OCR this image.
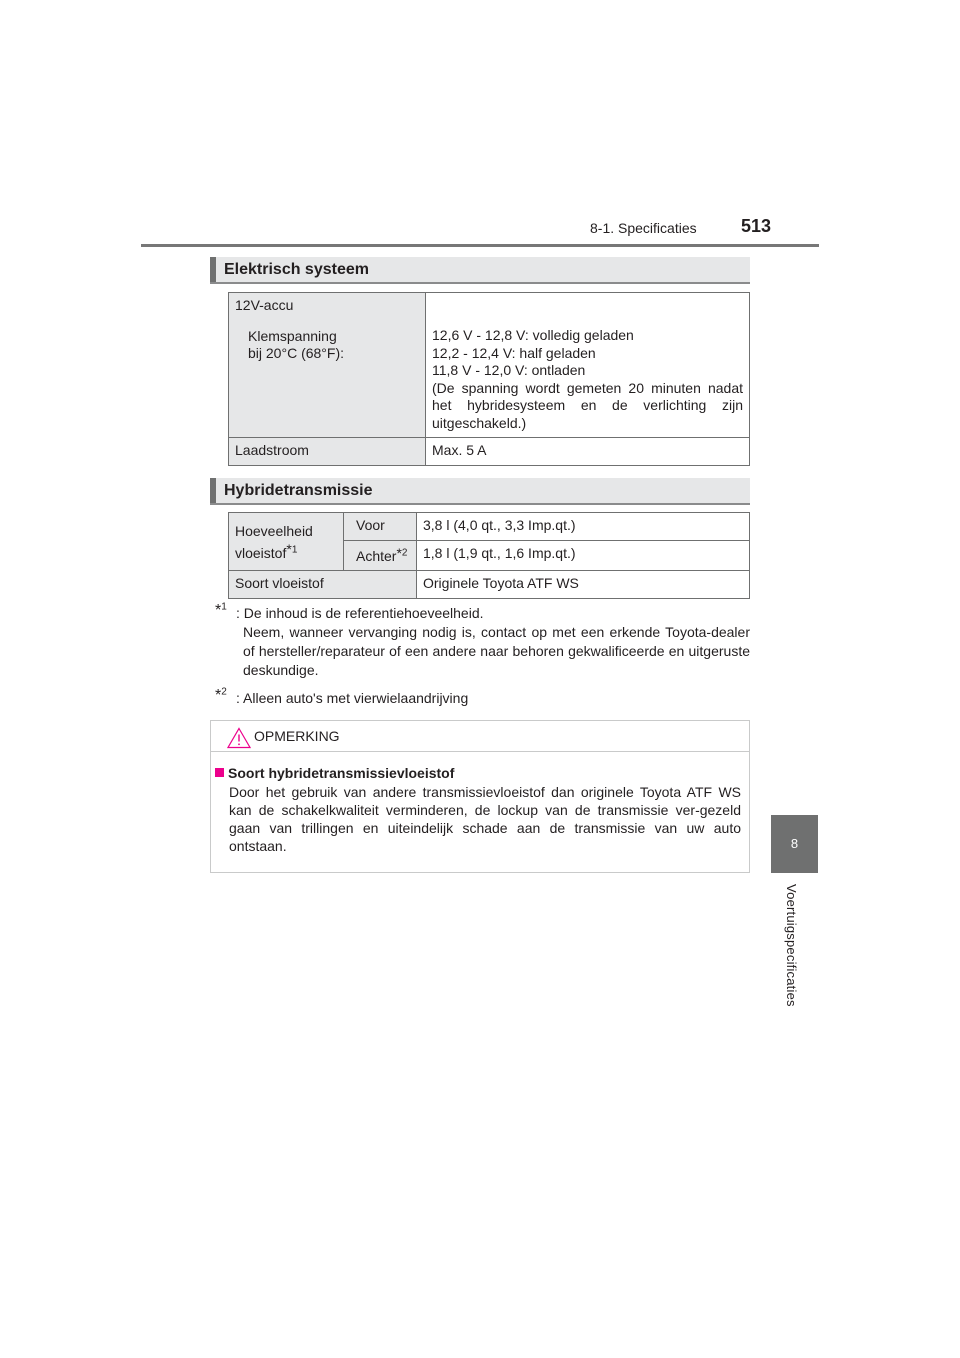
8-1. Specificaties 513
8
Voertuigspecificaties
Elektrisch systeem
12V-accu
Klemspanning
bij 20°C (68°F):	12,6 V - 12,8 V: volledig geladen
12,2 - 12,4 V: half geladen
11,8 V - 12,0 V: ontladen
(De spanning wordt gemeten 20 minuten nadat het hybridesysteem en de verlichting zijn uitgeschakeld.)

Laadstroom	Max. 5 A
Hybridetransmissie
Hoeveelheid
vloeistof*$^1$	Voor	3,8 l (4,0 qt., 3,3 Imp.qt.)
	Achter*$^2$	1,8 l (1,9 qt., 1,6 Imp.qt.)
Soort vloeistof		Originele Toyota ATF WS
*$^1$ : De inhoud is de referentiehoeveelheid.
Neem, wanneer vervanging nodig is, contact op met een erkende Toyota-dealer of hersteller/reparateur of een andere naar behoren gekwalificeerde en uitgeruste deskundige.
*$^2$ : Alleen auto's met vierwielaandrijving
OPMERKING
Soort hybridetransmissievloeistof
Door het gebruik van andere transmissievloeistof dan originele Toyota ATF WS kan de schakelkwaliteit verminderen, de lockup van de transmissie ver-gezeld gaan van trillingen en uiteindelijk schade aan de transmissie van uw auto ontstaan.
